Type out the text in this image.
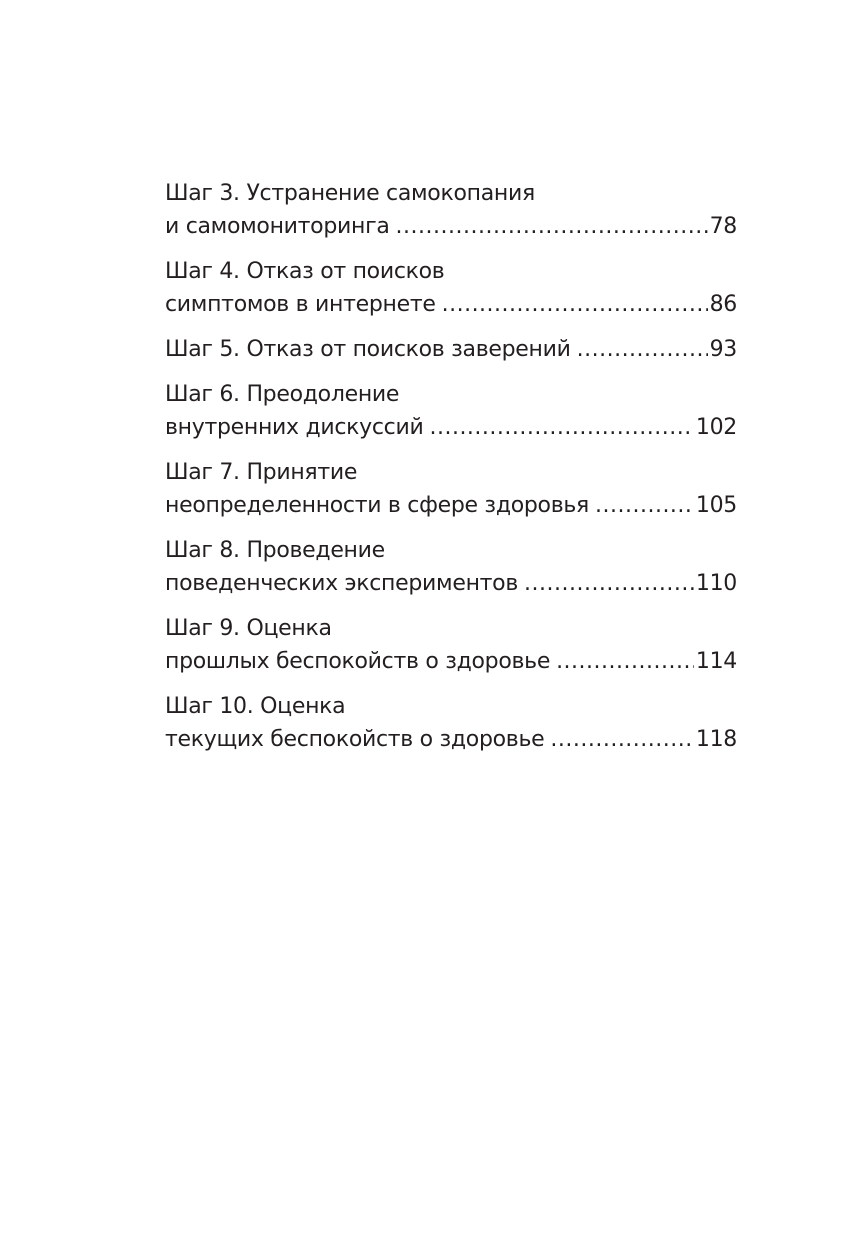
Шаг 3. Устранение самокопания
и самомониторинга .....	78
Шаг 4. Отказ от поисков
симптомов в интернете .....	86
Шаг 5. Отказ от поисков заверений .....	93
Шаг 6. Преодоление
внутренних дискуссий .....	102
Шаг 7. Принятие
неопределенности в сфере здоровья .....	105
Шаг 8. Проведение
поведенческих экспериментов .....	110
Шаг 9. Оценка
прошлых беспокойств о здоровье .....	114
Шаг 10. Оценка
текущих беспокойств о здоровье .....	118
